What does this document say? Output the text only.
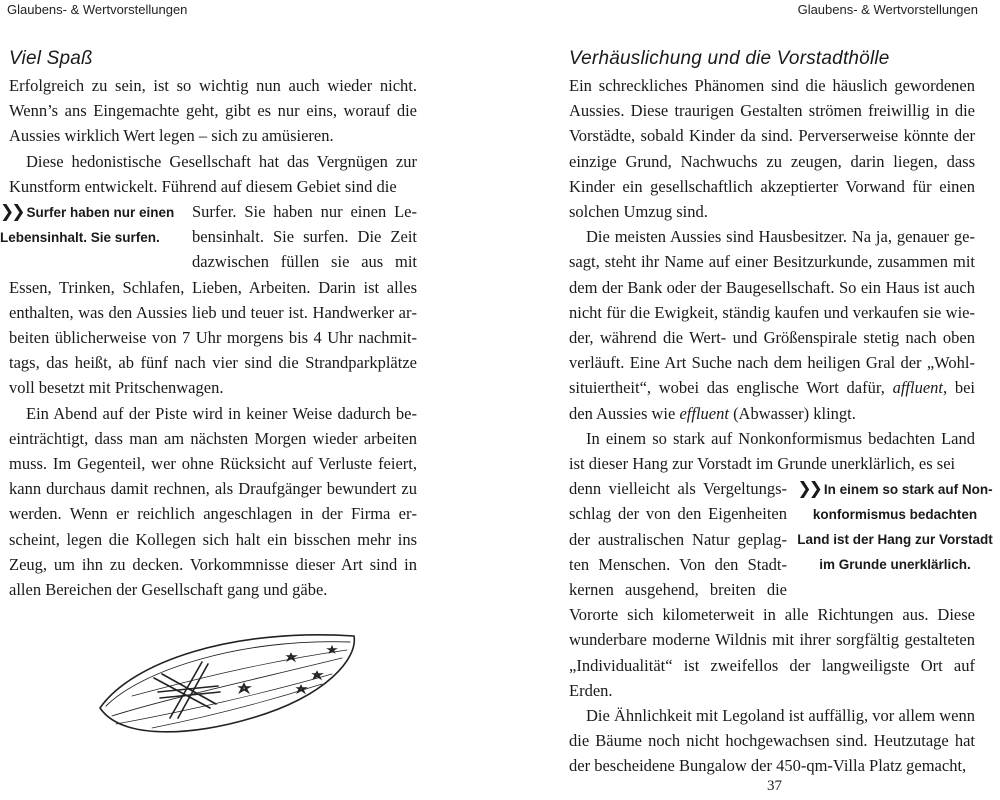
Glaubens- & Wertvorstellungen	Glaubens- & Wertvorstellungen
Viel Spaß

Erfolgreich zu sein, ist so wichtig nun auch wieder nicht. Wenn’s ans Eingemachte geht, gibt es nur eins, worauf die Aussies wirklich Wert legen – sich zu amüsieren.

Diese hedonistische Gesellschaft hat das Vergnügen zur Kunstform entwickelt. Führend auf diesem Gebiet sind die

❯❯ Surfer haben nur einen Lebensinhalt. Sie surfen.

Surfer. Sie haben nur einen Lebensinhalt. Sie surfen. Die Zeit dazwischen füllen sie aus mit Essen, Trinken, Schlafen, Lieben, Arbeiten. Darin ist alles enthalten, was den Aussies lieb und teuer ist. Handwerker arbeiten üblicherweise von 7 Uhr morgens bis 4 Uhr nachmittags, das heißt, ab fünf nach vier sind die Strandparkplätze voll besetzt mit Pritschenwagen.

Ein Abend auf der Piste wird in keiner Weise dadurch beeinträchtigt, dass man am nächsten Morgen wieder arbeiten muss. Im Gegenteil, wer ohne Rücksicht auf Verluste feiert, kann durchaus damit rechnen, als Draufgänger bewundert zu werden. Wenn er reichlich angeschlagen in der Firma erscheint, legen die Kollegen sich halt ein bisschen mehr ins Zeug, um ihn zu decken. Vorkommnisse dieser Art sind in allen Bereichen der Gesellschaft gang und gäbe.

Verhäuslichung und die Vorstadthölle

Ein schreckliches Phänomen sind die häuslich gewordenen Aussies. Diese traurigen Gestalten strömen freiwillig in die Vorstädte, sobald Kinder da sind. Perverserweise könnte der einzige Grund, Nachwuchs zu zeugen, darin liegen, dass Kinder ein gesellschaftlich akzeptierter Vorwand für einen solchen Umzug sind.

Die meisten Aussies sind Hausbesitzer. Na ja, genauer gesagt, steht ihr Name auf einer Besitzurkunde, zusammen mit dem der Bank oder der Baugesellschaft. So ein Haus ist auch nicht für die Ewigkeit, ständig kaufen und verkaufen sie wieder, während die Wert- und Größenspirale stetig nach oben verläuft. Eine Art Suche nach dem heiligen Gral der „Wohlsituiertheit“, wobei das englische Wort dafür, affluent, bei den Aussies wie effluent (Abwasser) klingt.

In einem so stark auf Nonkonformismus bedachten Land ist dieser Hang zur Vorstadt im Grunde unerklärlich, es sei

❯❯ In einem so stark auf Nonkonformismus bedachten Land ist der Hang zur Vorstadt im Grunde unerklärlich.

denn vielleicht als Vergeltungsschlag der von den Eigenheiten der australischen Natur geplagten Menschen. Von den Stadtkernen ausgehend, breiten die Vororte sich kilometerweit in alle Richtungen aus. Diese wunderbare moderne Wildnis mit ihrer sorgfältig gestalteten „Individualität“ ist zweifellos der langweiligste Ort auf Erden.

Die Ähnlichkeit mit Legoland ist auffällig, vor allem wenn die Bäume noch nicht hochgewachsen sind. Heutzutage hat der bescheidene Bungalow der 450-qm-Villa Platz gemacht,

37
